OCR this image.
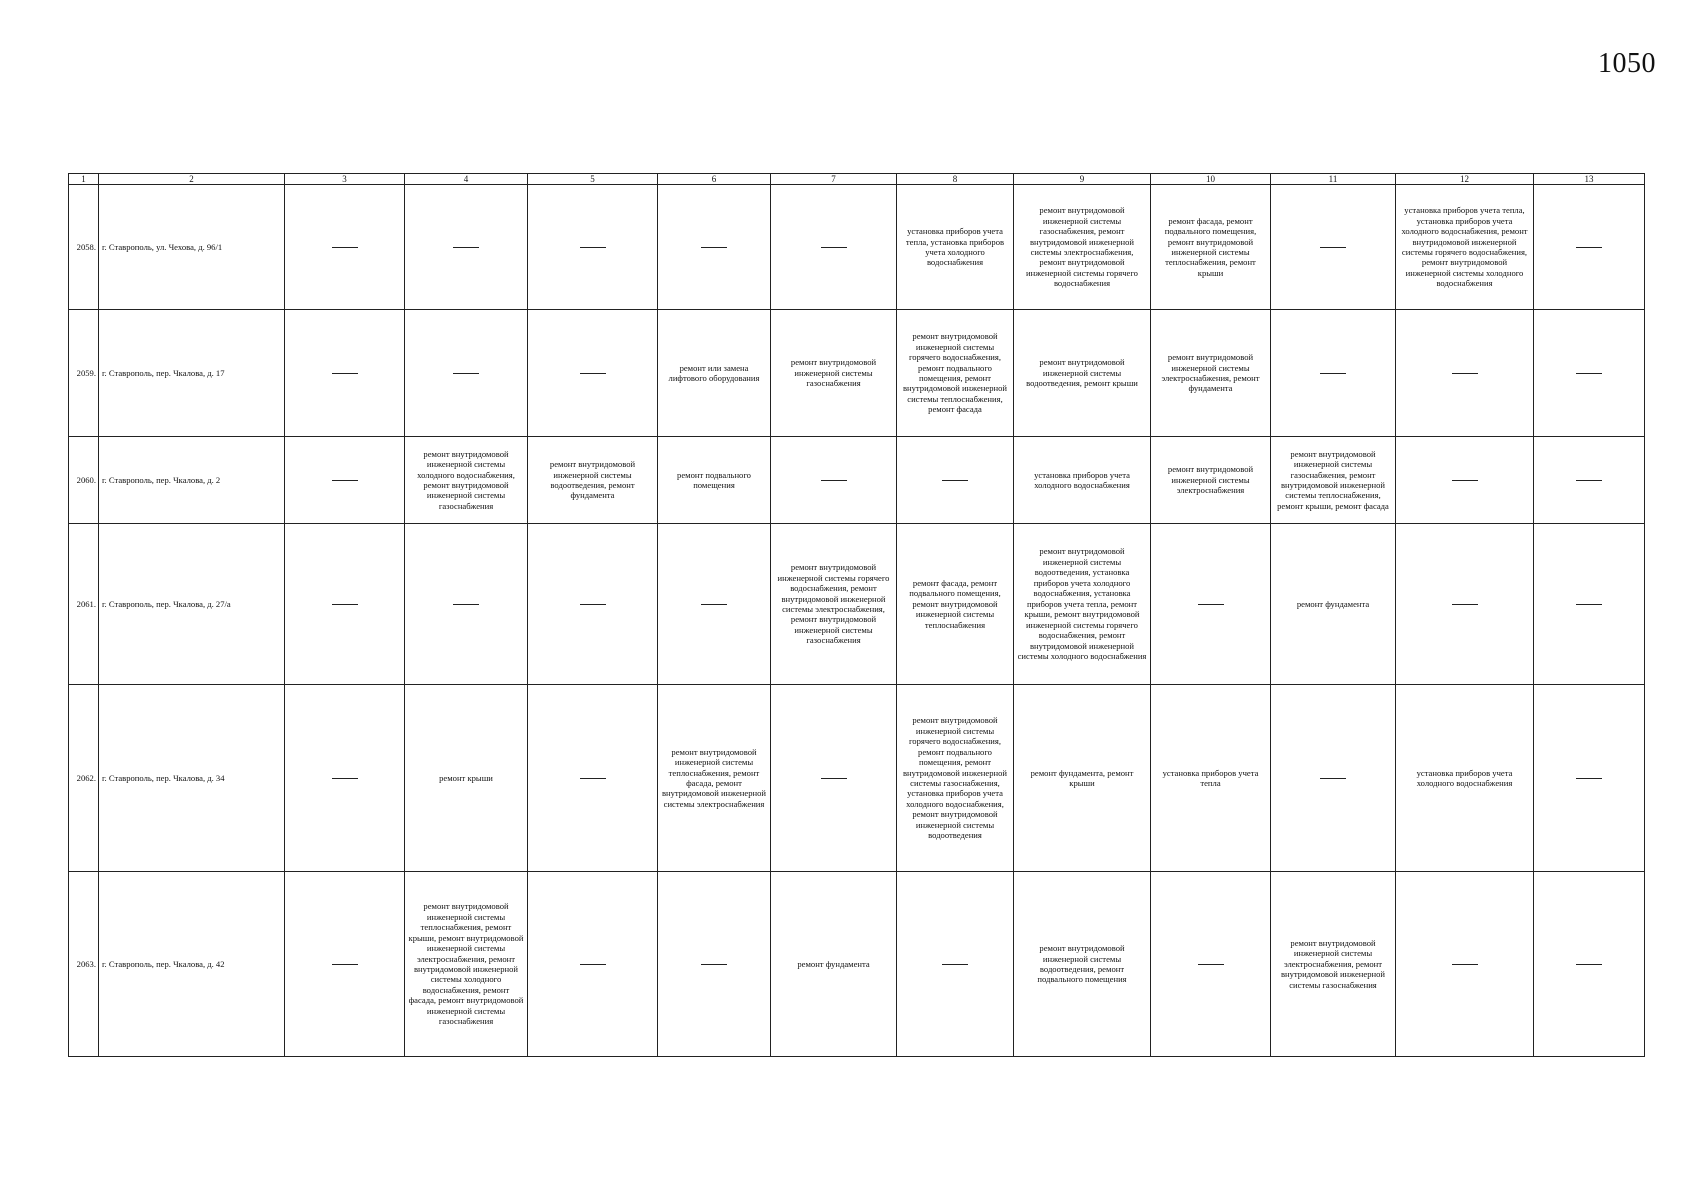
1050
1	2	3	4	5	6	7	8	9	10	11	12	13
2058.	г. Ставрополь, ул. Чехова, д. 96/1						установка приборов учета тепла, установка приборов учета холодного водоснабжения	ремонт внутридомовой инженерной системы газоснабжения, ремонт внутридомовой инженерной системы электроснабжения, ремонт внутридомовой инженерной системы горячего водоснабжения	ремонт фасада, ремонт подвального помещения, ремонт внутридомовой инженерной системы теплоснабжения, ремонт крыши		установка приборов учета тепла, установка приборов учета холодного водоснабжения, ремонт внутридомовой инженерной системы горячего водоснабжения, ремонт внутридомовой инженерной системы холодного водоснабжения	
2059.	г. Ставрополь, пер. Чкалова, д. 17				ремонт или замена лифтового оборудования	ремонт внутридомовой инженерной системы газоснабжения	ремонт внутридомовой инженерной системы горячего водоснабжения, ремонт подвального помещения, ремонт внутридомовой инженерной системы теплоснабжения, ремонт фасада	ремонт внутридомовой инженерной системы водоотведения, ремонт крыши	ремонт внутридомовой инженерной системы электроснабжения, ремонт фундамента			
2060.	г. Ставрополь, пер. Чкалова, д. 2		ремонт внутридомовой инженерной системы холодного водоснабжения, ремонт внутридомовой инженерной системы газоснабжения	ремонт внутридомовой инженерной системы водоотведения, ремонт фундамента	ремонт подвального помещения			установка приборов учета холодного водоснабжения	ремонт внутридомовой инженерной системы электроснабжения	ремонт внутридомовой инженерной системы газоснабжения, ремонт внутридомовой инженерной системы теплоснабжения, ремонт крыши, ремонт фасада		
2061.	г. Ставрополь, пер. Чкалова, д. 27/а					ремонт внутридомовой инженерной системы горячего водоснабжения, ремонт внутридомовой инженерной системы электроснабжения, ремонт внутридомовой инженерной системы газоснабжения	ремонт фасада, ремонт подвального помещения, ремонт внутридомовой инженерной системы теплоснабжения	ремонт внутридомовой инженерной системы водоотведения, установка приборов учета холодного водоснабжения, установка приборов учета тепла, ремонт крыши, ремонт внутридомовой инженерной системы горячего водоснабжения, ремонт внутридомовой инженерной системы холодного водоснабжения		ремонт фундамента		
2062.	г. Ставрополь, пер. Чкалова, д. 34		ремонт крыши		ремонт внутридомовой инженерной системы теплоснабжения, ремонт фасада, ремонт внутридомовой инженерной системы электроснабжения		ремонт внутридомовой инженерной системы горячего водоснабжения, ремонт подвального помещения, ремонт внутридомовой инженерной системы газоснабжения, установка приборов учета холодного водоснабжения, ремонт внутридомовой инженерной системы водоотведения	ремонт фундамента, ремонт крыши	установка приборов учета тепла		установка приборов учета холодного водоснабжения	
2063.	г. Ставрополь, пер. Чкалова, д. 42		ремонт внутридомовой инженерной системы теплоснабжения, ремонт крыши, ремонт внутридомовой инженерной системы электроснабжения, ремонт внутридомовой инженерной системы холодного водоснабжения, ремонт фасада, ремонт внутридомовой инженерной системы газоснабжения			ремонт фундамента		ремонт внутридомовой инженерной системы водоотведения, ремонт подвального помещения		ремонт внутридомовой инженерной системы электроснабжения, ремонт внутридомовой инженерной системы газоснабжения		
